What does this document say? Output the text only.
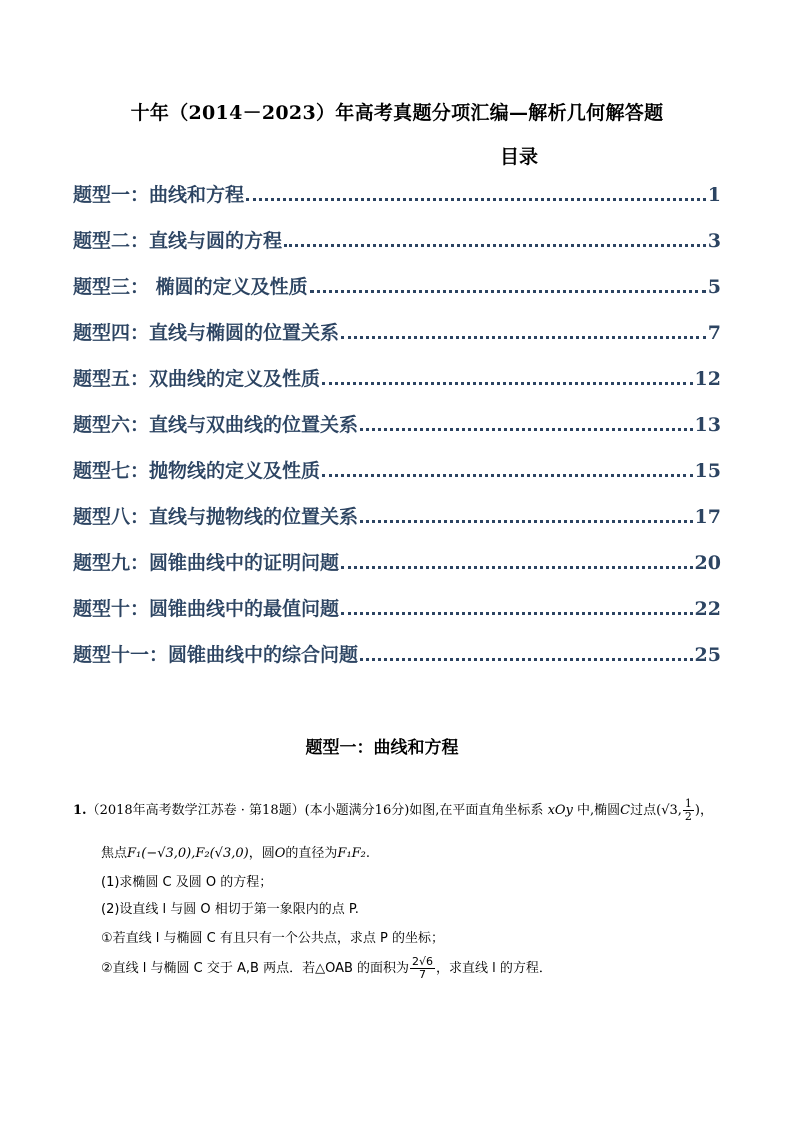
十年（2014－2023）年高考真题分项汇编—解析几何解答题
目录
题型一：曲线和方程	1
题型二：直线与圆的方程	3
题型三： 椭圆的定义及性质	5
题型四：直线与椭圆的位置关系	7
题型五：双曲线的定义及性质	12
题型六：直线与双曲线的位置关系	13
题型七：抛物线的定义及性质	15
题型八：直线与抛物线的位置关系	17
题型九：圆锥曲线中的证明问题	20
题型十：圆锥曲线中的最值问题	22
题型十一：圆锥曲线中的综合问题	25
题型一：曲线和方程
1.（2018年高考数学江苏卷 · 第18题）(本小题满分16分)如图,在平面直角坐标系 xOy 中,椭圆C过点(√3, $\frac{1}{2}$ )，
焦点F₁(−√3,0),F₂(√3,0)，圆O的直径为F₁F₂.
(1)求椭圆 C 及圆 O 的方程；
(2)设直线 l 与圆 O 相切于第一象限内的点 P.
①若直线 l 与椭圆 C 有且只有一个公共点，求点 P 的坐标；
②直线 l 与椭圆 C 交于 A,B 两点．若△OAB 的面积为 $\frac{2√6}{7}$ ，求直线 l 的方程．
